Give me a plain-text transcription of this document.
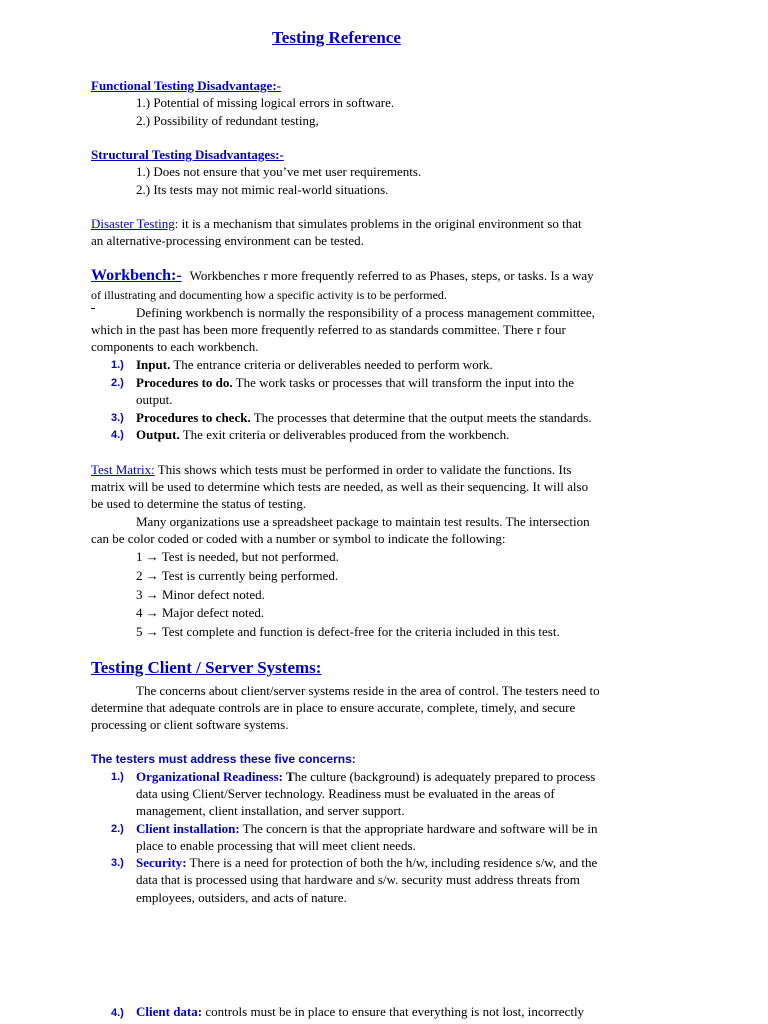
Testing Reference
Functional Testing Disadvantage:-
1.) Potential of missing logical errors in software.
2.) Possibility of redundant testing,
Structural Testing Disadvantages:-
1.) Does not ensure that you’ve met user requirements.
2.) Its tests may not mimic real-world situations.
Disaster Testing: it is a mechanism that simulates problems in the original environment so that
an alternative-processing environment can be tested.
Workbench:- Workbenches r more frequently referred to as Phases, steps, or tasks. Is a way
of illustrating and documenting how a specific activity is to be performed.
Defining workbench is normally the responsibility of a process management committee,
which in the past has been more frequently referred to as standards committee. There r four
components to each workbench.
1.) Input. The entrance criteria or deliverables needed to perform work.
2.) Procedures to do. The work tasks or processes that will transform the input into the
output.
3.) Procedures to check. The processes that determine that the output meets the standards.
4.) Output. The exit criteria or deliverables produced from the workbench.
Test Matrix: This shows which tests must be performed in order to validate the functions. Its
matrix will be used to determine which tests are needed, as well as their sequencing. It will also
be used to determine the status of testing.
Many organizations use a spreadsheet package to maintain test results. The intersection
can be color coded or coded with a number or symbol to indicate the following:
1 → Test is needed, but not performed.
2 → Test is currently being performed.
3 → Minor defect noted.
4 → Major defect noted.
5 → Test complete and function is defect-free for the criteria included in this test.
Testing Client / Server Systems:
The concerns about client/server systems reside in the area of control. The testers need to
determine that adequate controls are in place to ensure accurate, complete, timely, and secure
processing or client software systems.
The testers must address these five concerns:
1.) Organizational Readiness: The culture (background) is adequately prepared to process
data using Client/Server technology. Readiness must be evaluated in the areas of
management, client installation, and server support.
2.) Client installation: The concern is that the appropriate hardware and software will be in
place to enable processing that will meet client needs.
3.) Security: There is a need for protection of both the h/w, including residence s/w, and the
data that is processed using that hardware and s/w. security must address threats from
employees, outsiders, and acts of nature.
4.) Client data: controls must be in place to ensure that everything is not lost, incorrectly
